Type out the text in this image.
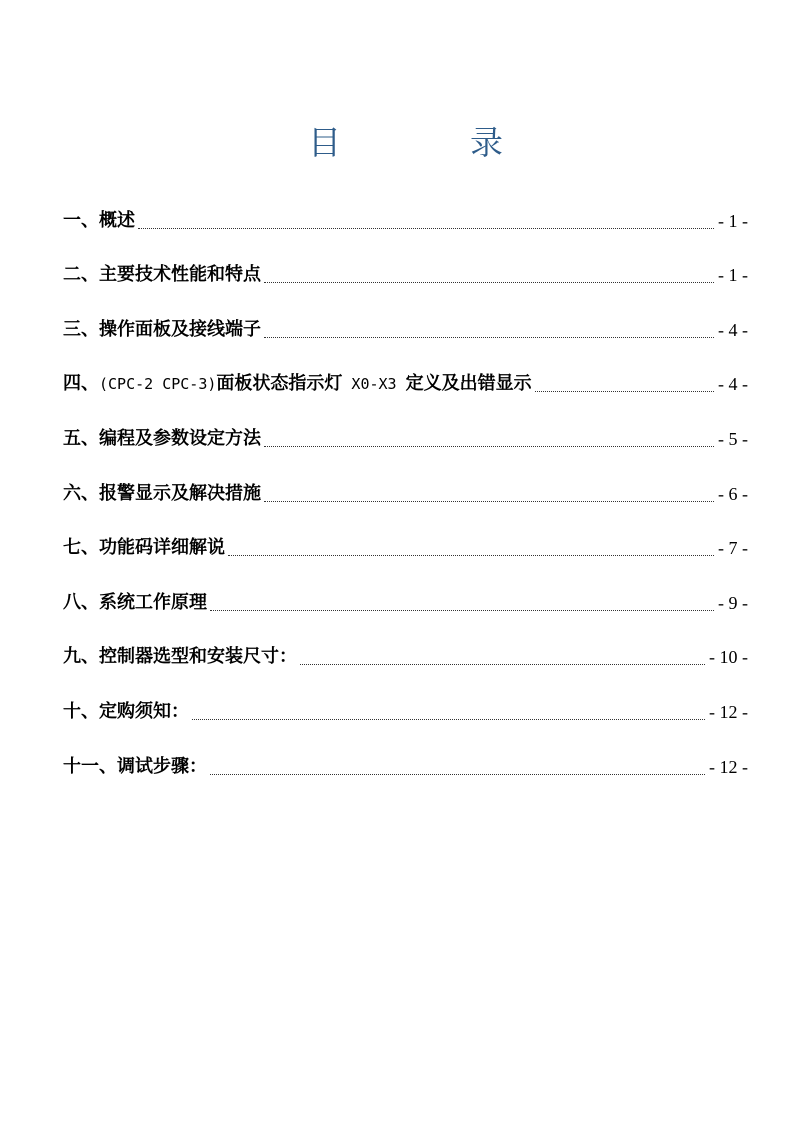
目　录
一、概述	- 1 -
二、主要技术性能和特点	- 1 -
三、操作面板及接线端子	- 4 -
四、(CPC-2 CPC-3)面板状态指示灯 X0-X3 定义及出错显示	- 4 -
五、编程及参数设定方法	- 5 -
六、报警显示及解决措施	- 6 -
七、功能码详细解说	- 7 -
八、系统工作原理	- 9 -
九、控制器选型和安装尺寸：	- 10 -
十、定购须知：	- 12 -
十一、调试步骤：	- 12 -
